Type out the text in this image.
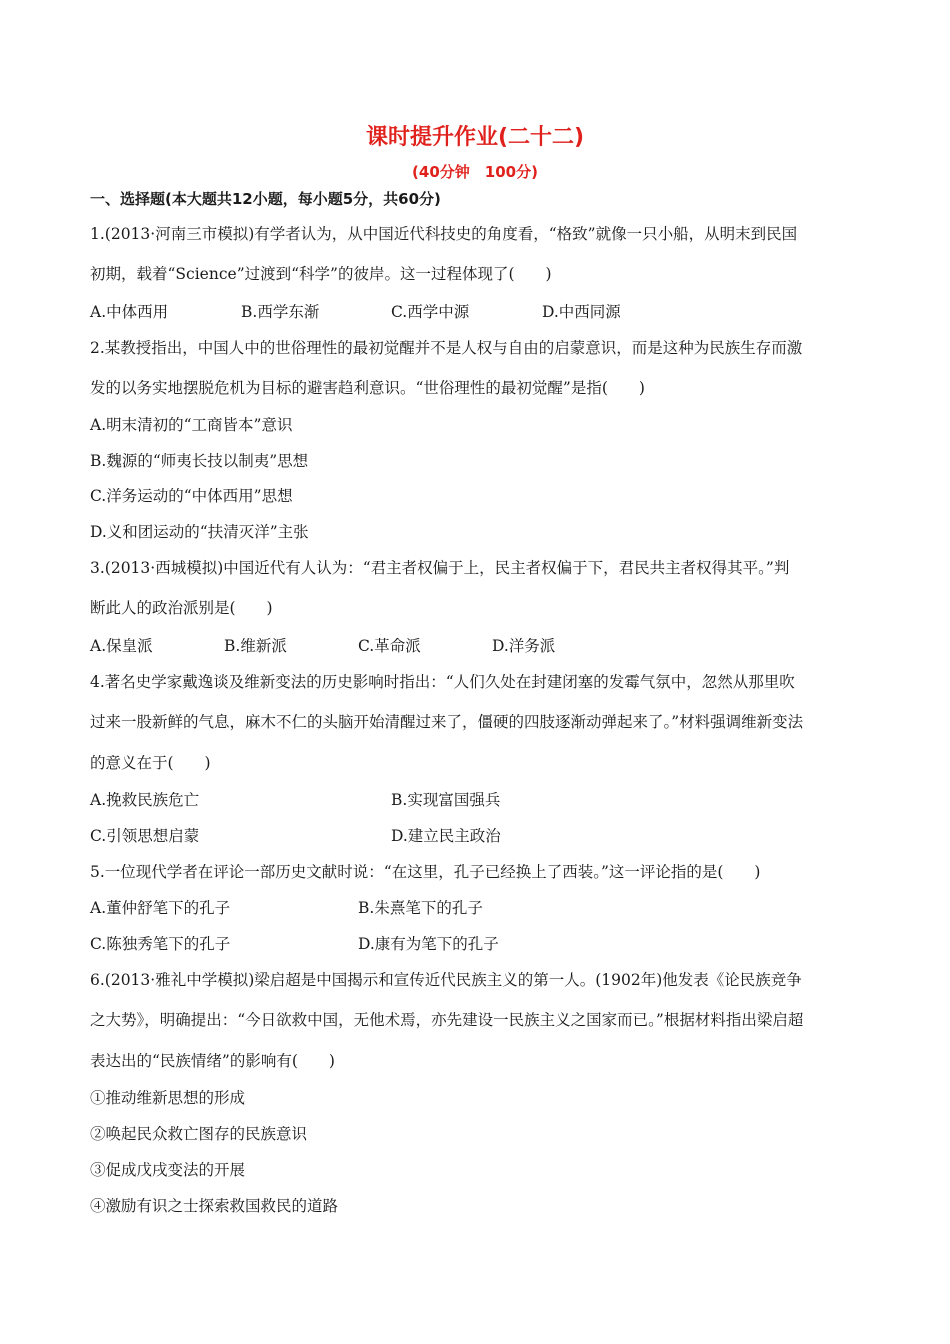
课时提升作业(二十二)
(40分钟　100分)
一、选择题(本大题共12小题，每小题5分，共60分)
1.(2013·河南三市模拟)有学者认为，从中国近代科技史的角度看，“格致”就像一只小船，从明末到民国
初期，载着“Science”过渡到“科学”的彼岸。这一过程体现了(　　)
A.中体西用	B.西学东渐	C.西学中源	D.中西同源
2.某教授指出，中国人中的世俗理性的最初觉醒并不是人权与自由的启蒙意识，而是这种为民族生存而激
发的以务实地摆脱危机为目标的避害趋利意识。“世俗理性的最初觉醒”是指(　　)
A.明末清初的“工商皆本”意识
B.魏源的“师夷长技以制夷”思想
C.洋务运动的“中体西用”思想
D.义和团运动的“扶清灭洋”主张
3.(2013·西城模拟)中国近代有人认为：“君主者权偏于上，民主者权偏于下，君民共主者权得其平。”判
断此人的政治派别是(　　)
A.保皇派	B.维新派	C.革命派	D.洋务派
4.著名史学家戴逸谈及维新变法的历史影响时指出：“人们久处在封建闭塞的发霉气氛中，忽然从那里吹
过来一股新鲜的气息，麻木不仁的头脑开始清醒过来了，僵硬的四肢逐渐动弹起来了。”材料强调维新变法
的意义在于(　　)
A.挽救民族危亡	B.实现富国强兵
C.引领思想启蒙	D.建立民主政治
5.一位现代学者在评论一部历史文献时说：“在这里，孔子已经换上了西装。”这一评论指的是(　　)
A.董仲舒笔下的孔子	B.朱熹笔下的孔子
C.陈独秀笔下的孔子	D.康有为笔下的孔子
6.(2013·雅礼中学模拟)梁启超是中国揭示和宣传近代民族主义的第一人。(1902年)他发表《论民族竞争
之大势》，明确提出：“今日欲救中国，无他术焉，亦先建设一民族主义之国家而已。”根据材料指出梁启超
表达出的“民族情绪”的影响有(　　)
①推动维新思想的形成
②唤起民众救亡图存的民族意识
③促成戊戌变法的开展
④激励有识之士探索救国救民的道路
